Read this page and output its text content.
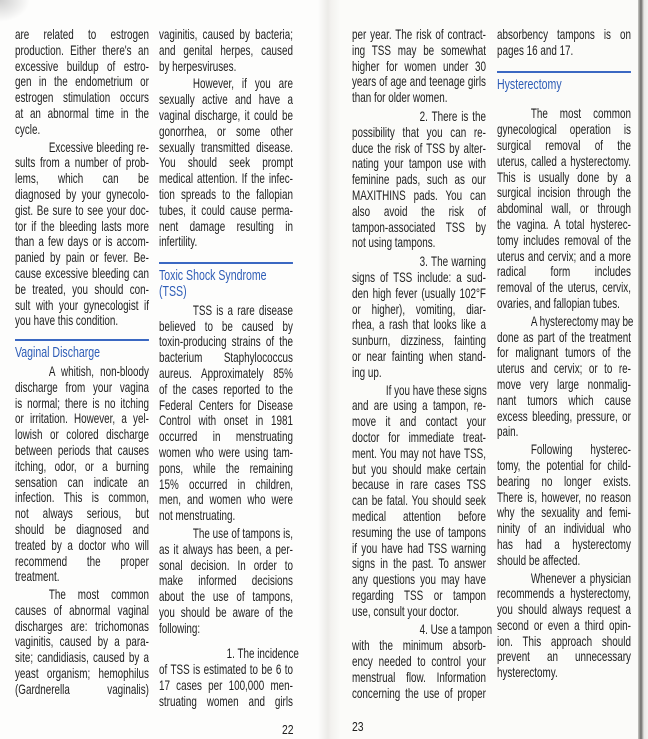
are related to estrogen
production. Either there's an
excessive buildup of estro-
gen in the endometrium or
estrogen stimulation occurs
at an abnormal time in the
cycle.
Excessive bleeding re-
sults from a number of prob-
lems, which can be
diagnosed by your gynecolo-
gist. Be sure to see your doc-
tor if the bleeding lasts more
than a few days or is accom-
panied by pain or fever. Be-
cause excessive bleeding can
be treated, you should con-
sult with your gynecologist if
you have this condition.
Vaginal Discharge
A whitish, non-bloody
discharge from your vagina
is normal; there is no itching
or irritation. However, a yel-
lowish or colored discharge
between periods that causes
itching, odor, or a burning
sensation can indicate an
infection. This is common,
not always serious, but
should be diagnosed and
treated by a doctor who will
recommend the proper
treatment.
The most common
causes of abnormal vaginal
discharges are: trichomonas
vaginitis, caused by a para-
site; candidiasis, caused by a
yeast organism; hemophilus
(Gardnerella vaginalis)
vaginitis, caused by bacteria;
and genital herpes, caused
by herpesviruses.
However, if you are
sexually active and have a
vaginal discharge, it could be
gonorrhea, or some other
sexually transmitted disease.
You should seek prompt
medical attention. If the infec-
tion spreads to the fallopian
tubes, it could cause perma-
nent damage resulting in
infertility.
Toxic Shock Syndrome
(TSS)
TSS is a rare disease
believed to be caused by
toxin-producing strains of the
bacterium Staphylococcus
aureus. Approximately 85%
of the cases reported to the
Federal Centers for Disease
Control with onset in 1981
occurred in menstruating
women who were using tam-
pons, while the remaining
15% occurred in children,
men, and women who were
not menstruating.
The use of tampons is,
as it always has been, a per-
sonal decision. In order to
make informed decisions
about the use of tampons,
you should be aware of the
following:
1. The incidence
of TSS is estimated to be 6 to
17 cases per 100,000 men-
struating women and girls
per year. The risk of contract-
ing TSS may be somewhat
higher for women under 30
years of age and teenage girls
than for older women.
2. There is the
possibility that you can re-
duce the risk of TSS by alter-
nating your tampon use with
feminine pads, such as our
MAXITHINS pads. You can
also avoid the risk of
tampon-associated TSS by
not using tampons.
3. The warning
signs of TSS include: a sud-
den high fever (usually 102°F
or higher), vomiting, diar-
rhea, a rash that looks like a
sunburn, dizziness, fainting
or near fainting when stand-
ing up.
If you have these signs
and are using a tampon, re-
move it and contact your
doctor for immediate treat-
ment. You may not have TSS,
but you should make certain
because in rare cases TSS
can be fatal. You should seek
medical attention before
resuming the use of tampons
if you have had TSS warning
signs in the past. To answer
any questions you may have
regarding TSS or tampon
use, consult your doctor.
4. Use a tampon
with the minimum absorb-
ency needed to control your
menstrual flow. Information
concerning the use of proper
absorbency tampons is on
pages 16 and 17.
Hysterectomy
The most common
gynecological operation is
surgical removal of the
uterus, called a hysterectomy.
This is usually done by a
surgical incision through the
abdominal wall, or through
the vagina. A total hysterec-
tomy includes removal of the
uterus and cervix; and a more
radical form includes
removal of the uterus, cervix,
ovaries, and fallopian tubes.
A hysterectomy may be
done as part of the treatment
for malignant tumors of the
uterus and cervix; or to re-
move very large nonmalig-
nant tumors which cause
excess bleeding, pressure, or
pain.
Following hysterec-
tomy, the potential for child-
bearing no longer exists.
There is, however, no reason
why the sexuality and femi-
ninity of an individual who
has had a hysterectomy
should be affected.
Whenever a physician
recommends a hysterectomy,
you should always request a
second or even a third opin-
ion. This approach should
prevent an unnecessary
hysterectomy.
22	23
